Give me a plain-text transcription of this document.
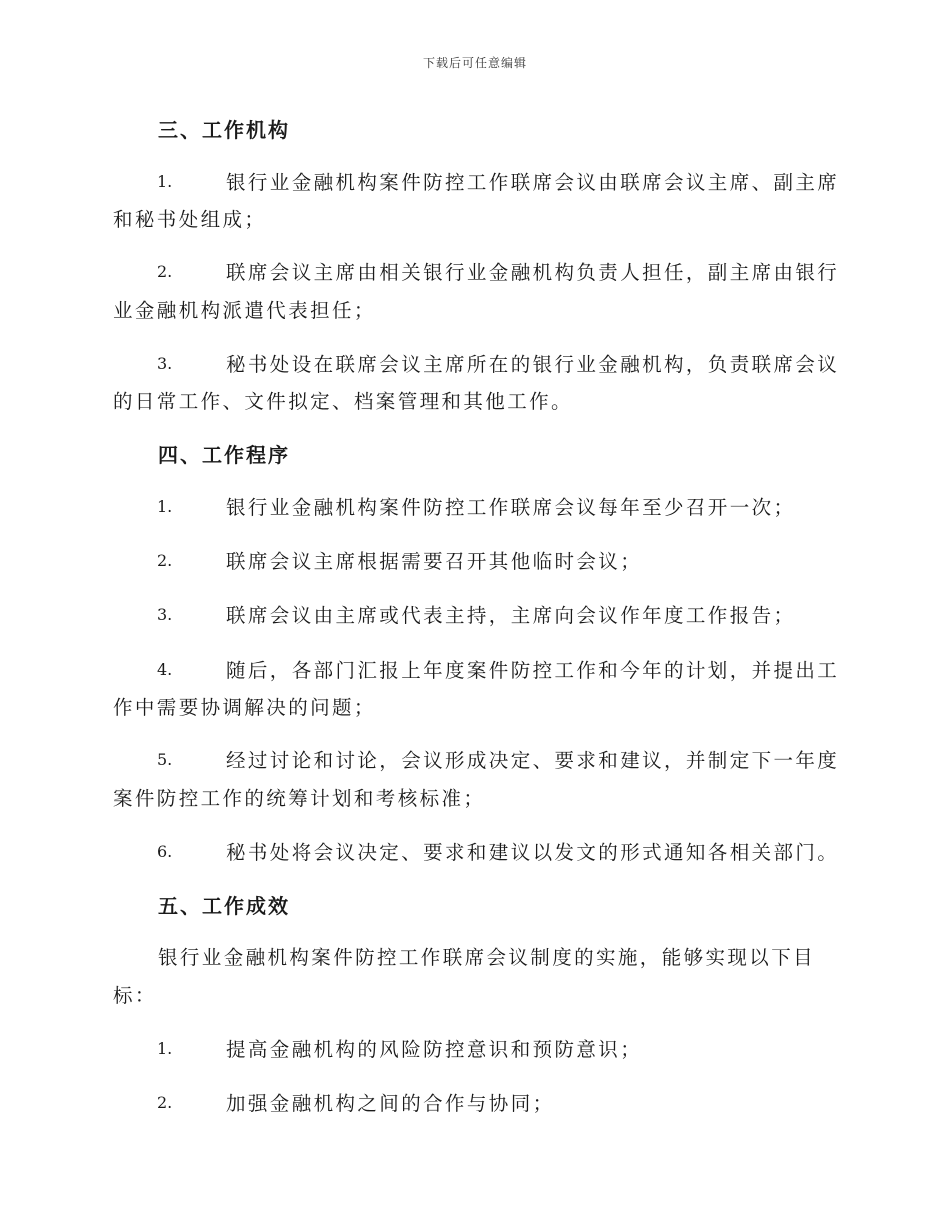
下载后可任意编辑
三、工作机构
1.	银行业金融机构案件防控工作联席会议由联席会议主席、副主席
和秘书处组成；
2.	联席会议主席由相关银行业金融机构负责人担任，副主席由银行
业金融机构派遣代表担任；
3.	秘书处设在联席会议主席所在的银行业金融机构，负责联席会议
的日常工作、文件拟定、档案管理和其他工作。
四、工作程序
1.	银行业金融机构案件防控工作联席会议每年至少召开一次；
2.	联席会议主席根据需要召开其他临时会议；
3.	联席会议由主席或代表主持，主席向会议作年度工作报告；
4.	随后，各部门汇报上年度案件防控工作和今年的计划，并提出工
作中需要协调解决的问题；
5.	经过讨论和讨论，会议形成决定、要求和建议，并制定下一年度
案件防控工作的统筹计划和考核标准；
6.	秘书处将会议决定、要求和建议以发文的形式通知各相关部门。
五、工作成效
银行业金融机构案件防控工作联席会议制度的实施，能够实现以下目
标：
1.	提高金融机构的风险防控意识和预防意识；
2.	加强金融机构之间的合作与协同；
